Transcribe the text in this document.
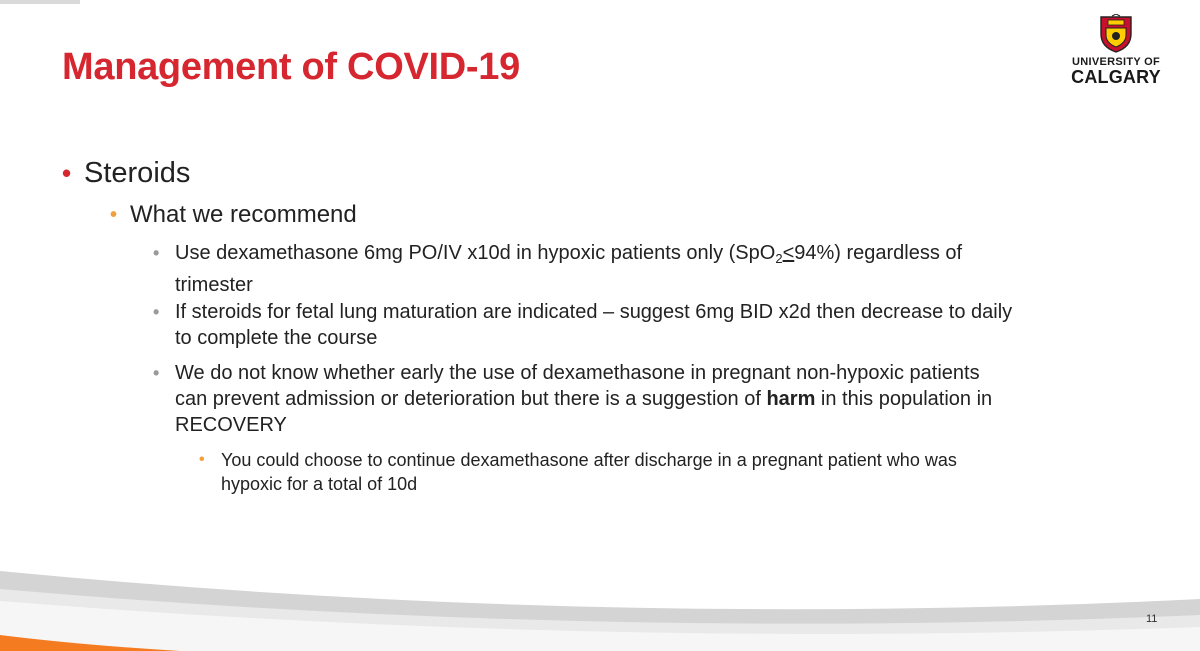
Management of COVID-19	UNIVERSITY OF
CALGARY
• Steroids
• What we recommend
• Use dexamethasone 6mg PO/IV x10d in hypoxic patients only (SpO$_2$≤94%) regardless of trimester
• If steroids for fetal lung maturation are indicated – suggest 6mg BID x2d then decrease to daily to complete the course
• We do not know whether early the use of dexamethasone in pregnant non-hypoxic patients can prevent admission or deterioration but there is a suggestion of harm in this population in RECOVERY
• You could choose to continue dexamethasone after discharge in a pregnant patient who was hypoxic for a total of 10d
11
